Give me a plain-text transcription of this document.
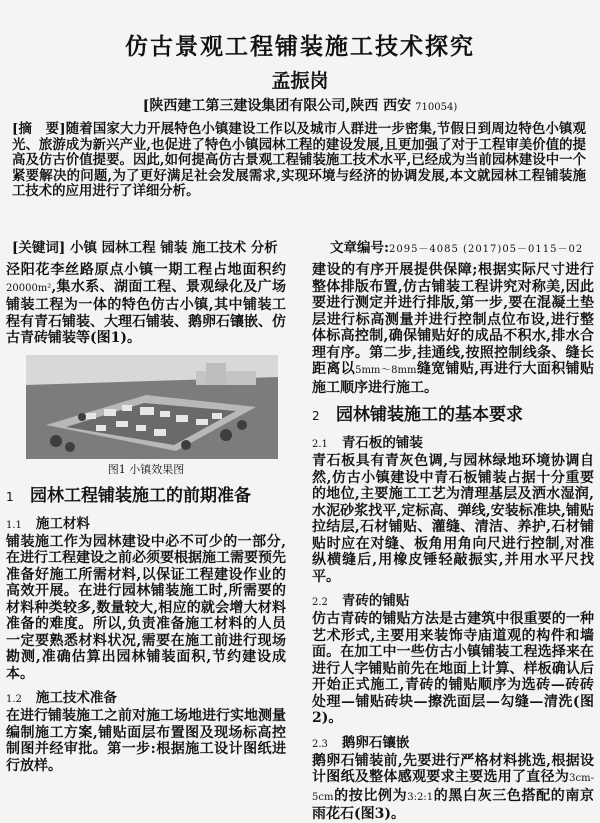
仿古景观工程铺装施工技术探究
孟振岗
[陕西建工第三建设集团有限公司,陕西 西安 710054)
[摘　要]随着国家大力开展特色小镇建设工作以及城市人群进一步密集,节假日到周边特色小镇观光、旅游成为新兴产业,也促进了特色小镇园林工程的建设发展,且更加强了对于工程审美价值的提高及仿古价值提要。因此,如何提高仿古景观工程铺装施工技术水平,已经成为当前园林建设中一个紧要解决的问题,为了更好满足社会发展需求,实现环境与经济的协调发展,本文就园林工程铺装施工技术的应用进行了详细分析。
[关键词] 小镇 园林工程 铺装 施工技术 分析	文章编号:2095－4085 (2017)05－0115－02

泾阳花李丝路原点小镇一期工程占地面积约20000m²,集水系、湖面工程、景观绿化及广场铺装工程为一体的特色仿古小镇,其中铺装工程有青石铺装、大理石铺装、鹅卵石镶嵌、仿古青砖铺装等(图1)。

图1 小镇效果图
1 园林工程铺装施工的前期准备
1.1 施工材料

铺装施工作为园林建设中必不可少的一部分,在进行工程建设之前必须要根据施工需要预先准备好施工所需材料,以保证工程建设作业的高效开展。在进行园林铺装施工时,所需要的材料种类较多,数量较大,相应的就会增大材料准备的难度。所以,负责准备施工材料的人员一定要熟悉材料状况,需要在施工前进行现场勘测,准确估算出园林铺装面积,节约建设成本。

1.2 施工技术准备

在进行铺装施工之前对施工场地进行实地测量编制施工方案,铺贴面层布置图及现场标高控制图并经审批。第一步:根据施工设计图纸进行放样。

建设的有序开展提供保障;根据实际尺寸进行整体排版布置,仿古铺装工程讲究对称美,因此要进行测定并进行排版,第一步,要在混凝土垫层进行标高测量并进行控制点位布设,进行整体标高控制,确保铺贴好的成品不积水,排水合理有序。第二步,挂通线,按照控制线条、缝长距离以5mm～8mm缝宽铺贴,再进行大面积铺贴施工顺序进行施工。

2 园林铺装施工的基本要求
2.1 青石板的铺装

青石板具有青灰色调,与园林绿地环境协调自然,仿古小镇建设中青石板铺装占据十分重要的地位,主要施工工艺为清理基层及洒水湿润,水泥砂浆找平,定标高、弹线,安装标准块,铺贴拉结层,石材铺贴、灌缝、清洁、养护,石材铺贴时应在对缝、板角用角向尺进行控制,对准纵横缝后,用橡皮锤轻敲振实,并用水平尺找平。

2.2 青砖的铺贴

仿古青砖的铺贴方法是古建筑中很重要的一种艺术形式,主要用来装饰寺庙道观的构件和墙面。在加工中一些仿古小镇铺装工程选择来在进行人字铺贴前先在地面上计算、样板确认后开始正式施工,青砖的铺贴顺序为选砖—砖砖处理—铺贴砖块—擦洗面层—勾缝—清洗(图2)。

2.3 鹅卵石镶嵌

鹅卵石铺装前,先要进行严格材料挑选,根据设计图纸及整体感观要求主要选用了直径为3cm-5cm的按比例为3:2:1的黑白灰三色搭配的南京雨花石(图3)。
